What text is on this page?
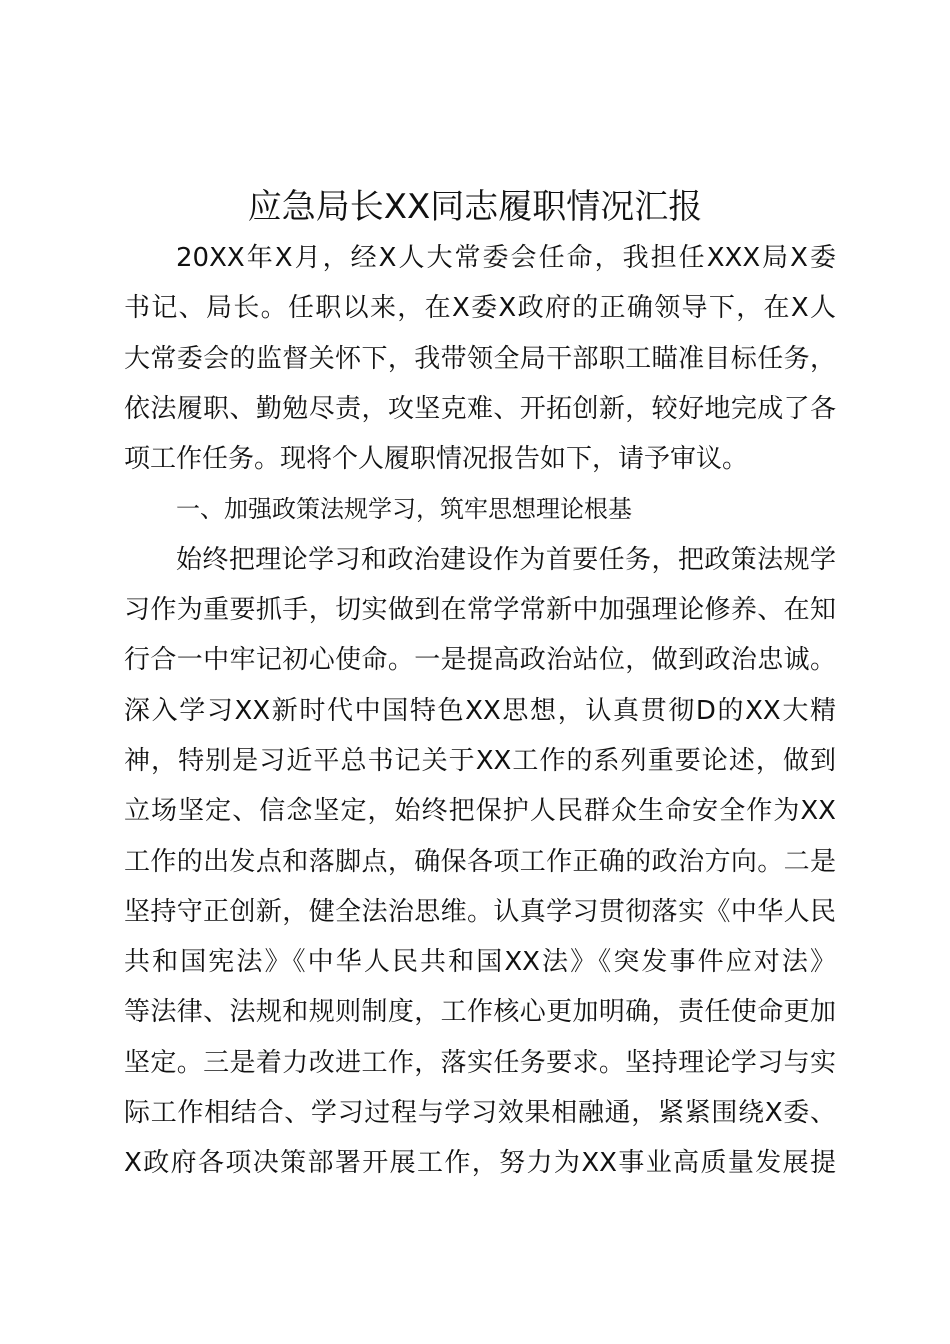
应急局长XX同志履职情况汇报
20XX年X月，经X人大常委会任命，我担任XXX局X委
书记、局长。任职以来，在X委X政府的正确领导下，在X人
大常委会的监督关怀下，我带领全局干部职工瞄准目标任务，
依法履职、勤勉尽责，攻坚克难、开拓创新，较好地完成了各
项工作任务。现将个人履职情况报告如下，请予审议。
一、加强政策法规学习，筑牢思想理论根基
始终把理论学习和政治建设作为首要任务，把政策法规学
习作为重要抓手，切实做到在常学常新中加强理论修养、在知
行合一中牢记初心使命。一是提高政治站位，做到政治忠诚。
深入学习XX新时代中国特色XX思想，认真贯彻D的XX大精
神，特别是习近平总书记关于XX工作的系列重要论述，做到
立场坚定、信念坚定，始终把保护人民群众生命安全作为XX
工作的出发点和落脚点，确保各项工作正确的政治方向。二是
坚持守正创新，健全法治思维。认真学习贯彻落实《中华人民
共和国宪法》《中华人民共和国XX法》《突发事件应对法》
等法律、法规和规则制度，工作核心更加明确，责任使命更加
坚定。三是着力改进工作，落实任务要求。坚持理论学习与实
际工作相结合、学习过程与学习效果相融通，紧紧围绕X委、
X政府各项决策部署开展工作，努力为XX事业高质量发展提
